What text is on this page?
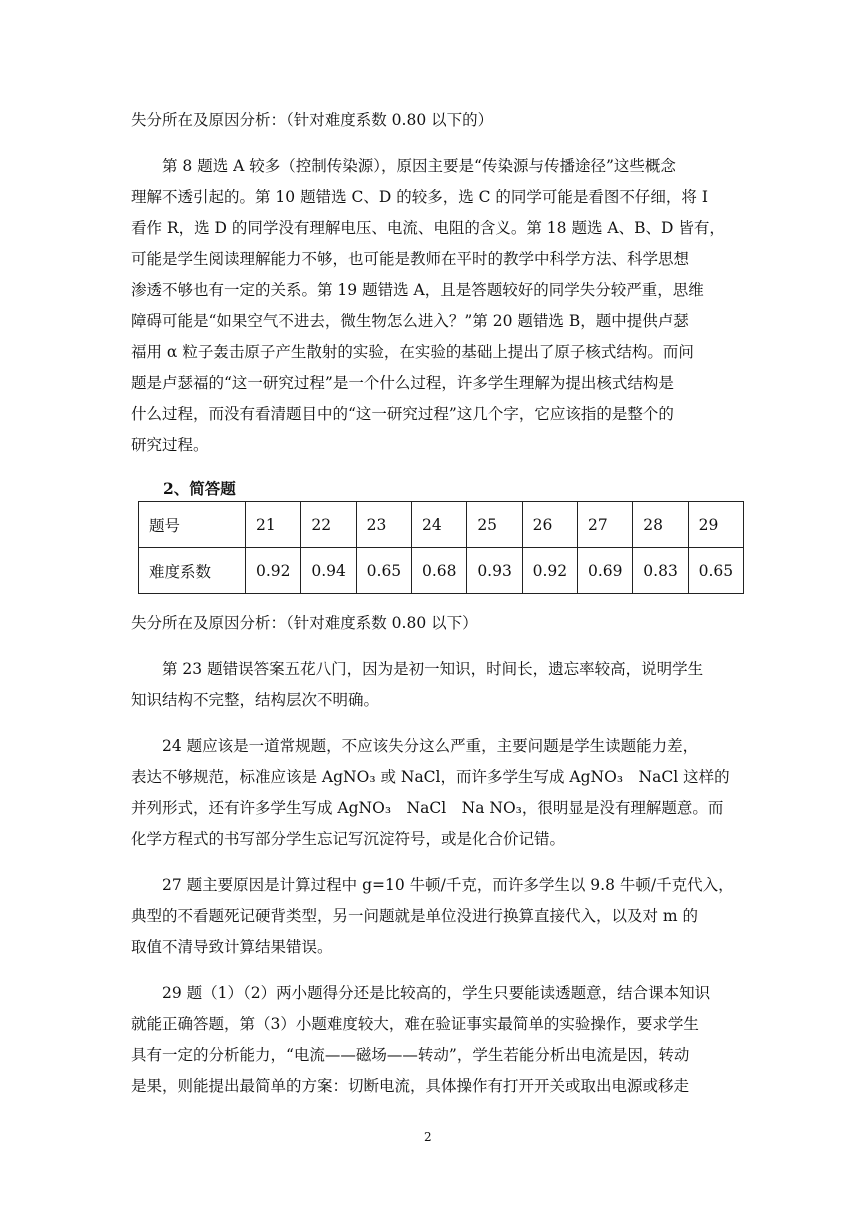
失分所在及原因分析：（针对难度系数 0.80 以下的）
　　第 8 题选 A 较多（控制传染源），原因主要是“传染源与传播途径”这些概念
理解不透引起的。第 10 题错选 C、D 的较多，选 C 的同学可能是看图不仔细，将 I
看作 R，选 D 的同学没有理解电压、电流、电阻的含义。第 18 题选 A、B、D 皆有，
可能是学生阅读理解能力不够，也可能是教师在平时的教学中科学方法、科学思想
渗透不够也有一定的关系。第 19 题错选 A，且是答题较好的同学失分较严重，思维
障碍可能是“如果空气不进去，微生物怎么进入？”第 20 题错选 B，题中提供卢瑟
福用 α 粒子轰击原子产生散射的实验，在实验的基础上提出了原子核式结构。而问
题是卢瑟福的“这一研究过程”是一个什么过程，许多学生理解为提出核式结构是
什么过程，而没有看清题目中的“这一研究过程”这几个字，它应该指的是整个的
研究过程。
2、简答题
题号	21	22	23	24	25	26	27	28	29
难度系数	0.92	0.94	0.65	0.68	0.93	0.92	0.69	0.83	0.65
失分所在及原因分析：（针对难度系数 0.80 以下）
　　第 23 题错误答案五花八门，因为是初一知识，时间长，遗忘率较高，说明学生
知识结构不完整，结构层次不明确。
　　24 题应该是一道常规题，不应该失分这么严重，主要问题是学生读题能力差，
表达不够规范，标准应该是 AgNO₃ 或 NaCl，而许多学生写成 AgNO₃　NaCl 这样的
并列形式，还有许多学生写成 AgNO₃　NaCl　Na NO₃，很明显是没有理解题意。而
化学方程式的书写部分学生忘记写沉淀符号，或是化合价记错。
　　27 题主要原因是计算过程中 g=10 牛顿/千克，而许多学生以 9.8 牛顿/千克代入，
典型的不看题死记硬背类型，另一问题就是单位没进行换算直接代入，以及对 m 的
取值不清导致计算结果错误。
　　29 题（1）（2）两小题得分还是比较高的，学生只要能读透题意，结合课本知识
就能正确答题，第（3）小题难度较大，难在验证事实最简单的实验操作，要求学生
具有一定的分析能力，“电流——磁场——转动”，学生若能分析出电流是因，转动
是果，则能提出最简单的方案：切断电流，具体操作有打开开关或取出电源或移走
2
